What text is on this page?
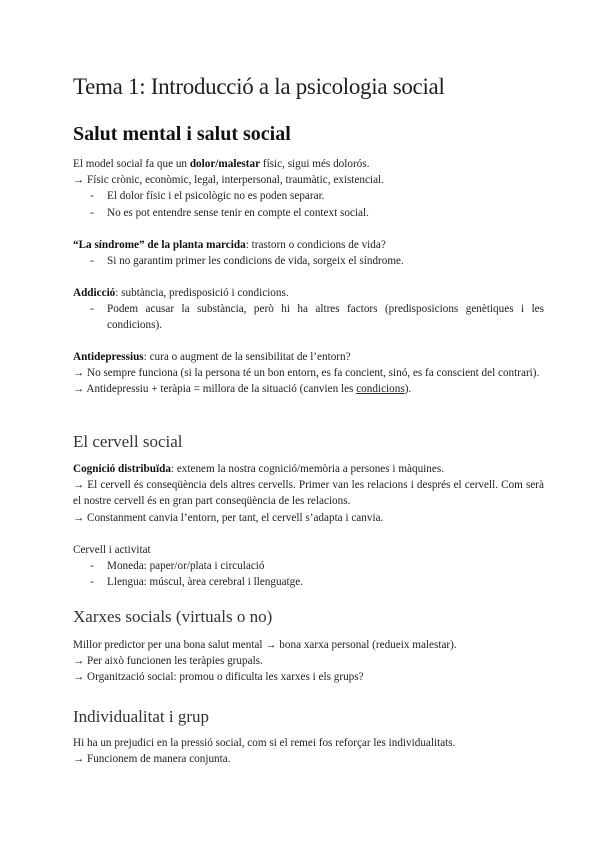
Tema 1: Introducció a la psicologia social
Salut mental i salut social
El model social fa que un dolor/malestar físic, sigui més dolorós.
→ Físic crònic, econòmic, legal, interpersonal, traumàtic, existencial.
- El dolor físic i el psicològic no es poden separar.
- No es pot entendre sense tenir en compte el context social.
“La síndrome” de la planta marcida: trastorn o condicions de vida?
- Si no garantim primer les condicions de vida, sorgeix el síndrome.
Addicció: subtància, predisposició i condicions.
- Podem acusar la substància, però hi ha altres factors (predisposicions genètiques i les condicions).
Antidepressius: cura o augment de la sensibilitat de l’entorn?
→ No sempre funciona (si la persona té un bon entorn, es fa concient, sinó, es fa conscient del contrari).
→ Antidepressiu + teràpia = millora de la situació (canvien les condicions).
El cervell social
Cognició distribuïda: extenem la nostra cognició/memòria a persones i màquines.
→ El cervell és conseqüència dels altres cervells. Primer van les relacions i després el cervell. Com serà el nostre cervell és en gran part conseqüència de les relacions.
→ Constanment canvia l’entorn, per tant, el cervell s’adapta i canvia.
Cervell i activitat
- Moneda: paper/or/plata i circulació
- Llengua: múscul, àrea cerebral i llenguatge.
Xarxes socials (virtuals o no)
Millor predictor per una bona salut mental → bona xarxa personal (redueix malestar).
→ Per això funcionen les teràpies grupals.
→ Organització social: promou o dificulta les xarxes i els grups?
Individualitat i grup
Hi ha un prejudici en la pressió social, com si el remei fos reforçar les individualitats.
→ Funcionem de manera conjunta.
